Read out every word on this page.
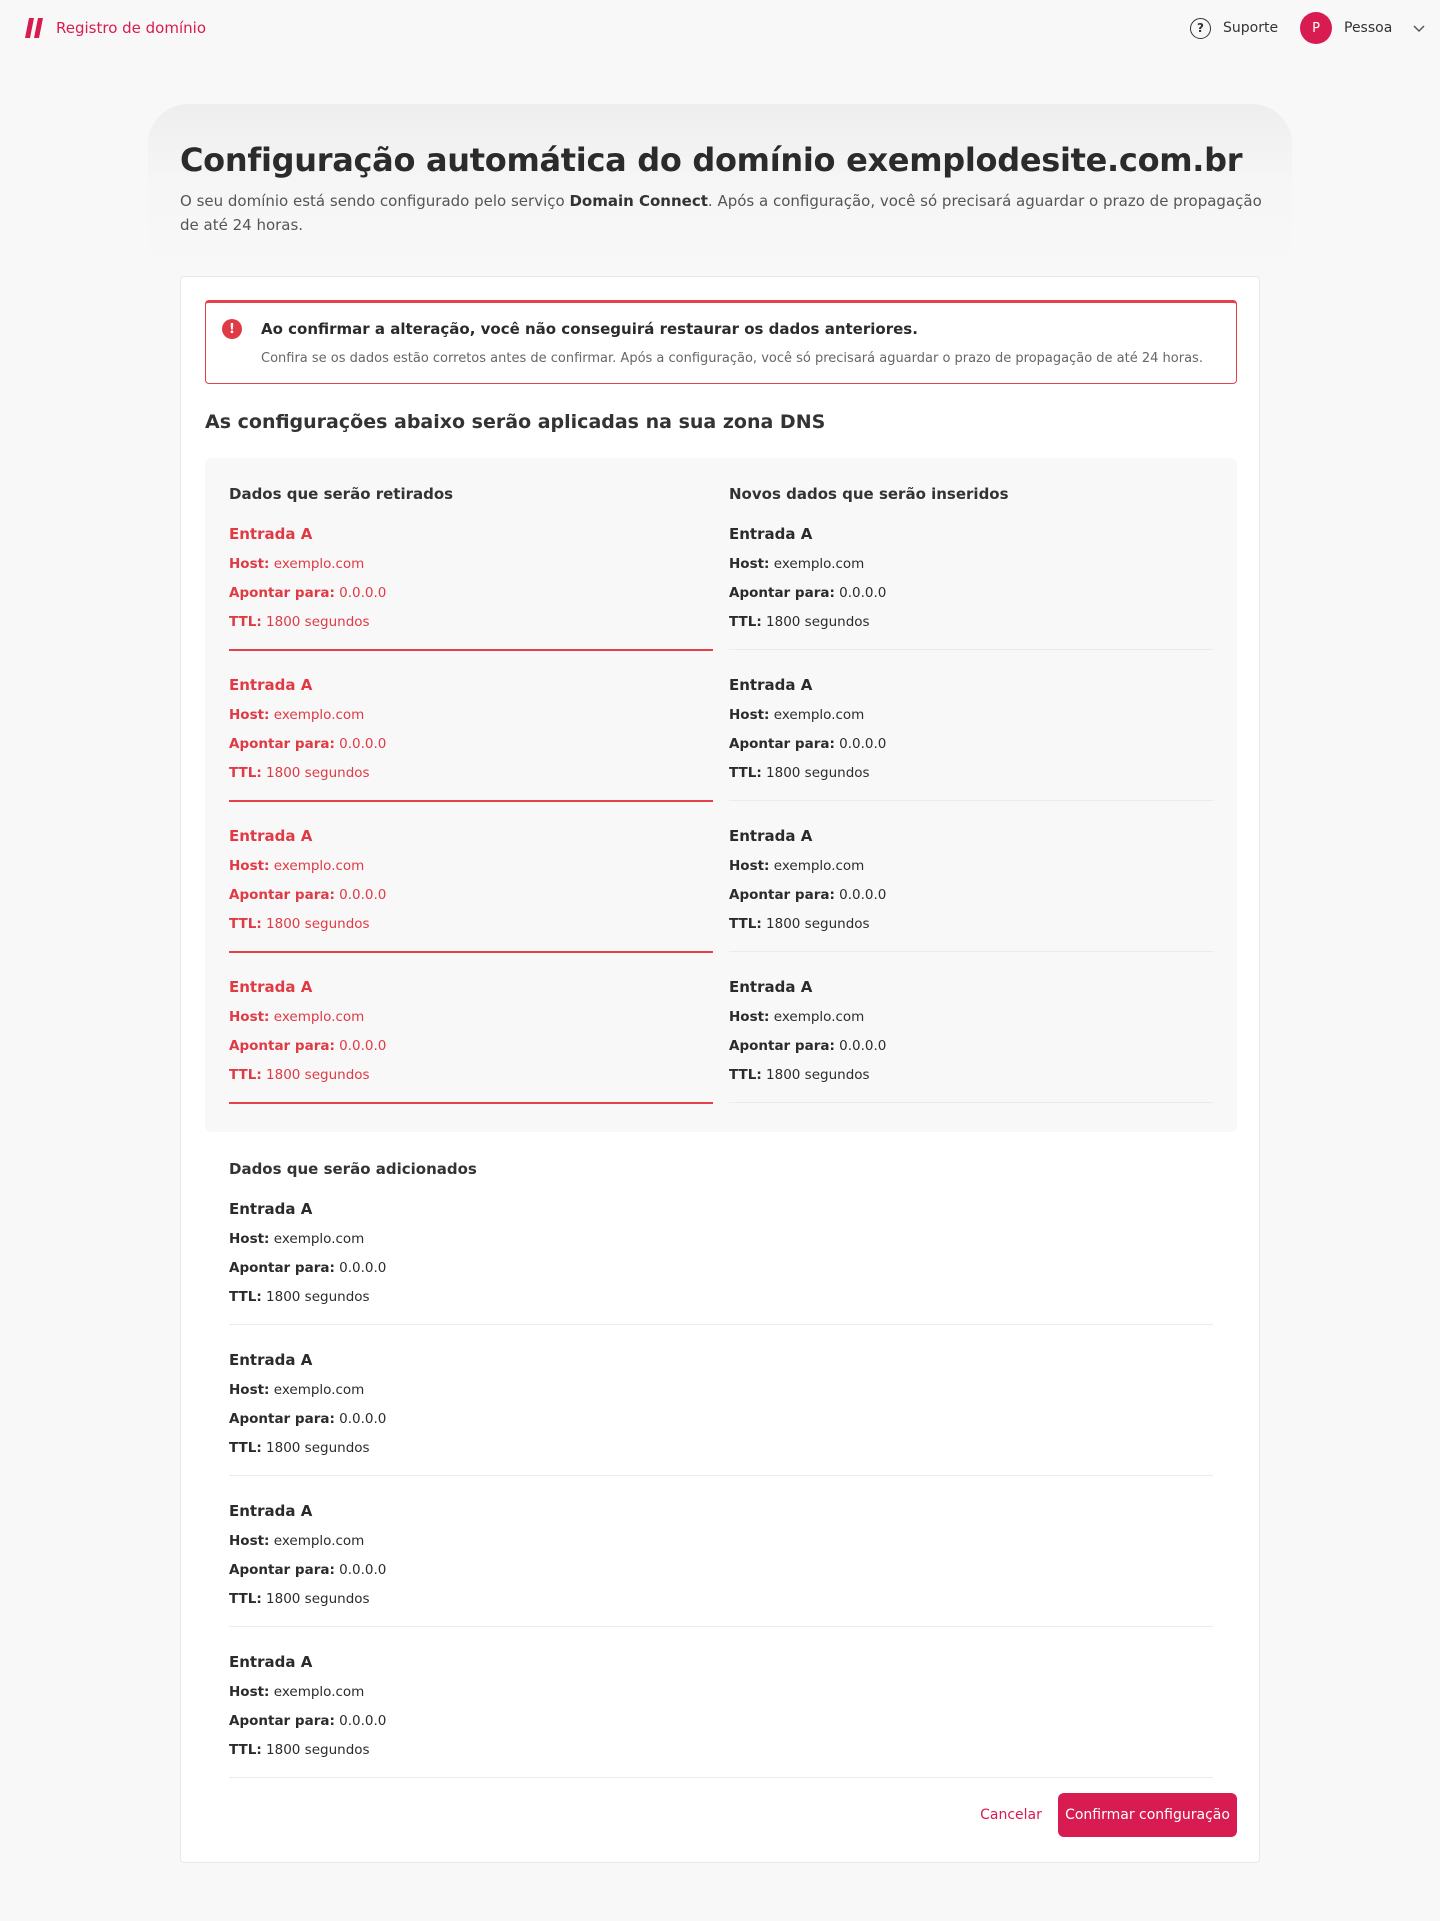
Registro de domínio	?	Suporte	P	Pessoa
Configuração automática do domínio exemplodesite.com.br

O seu domínio está sendo configurado pelo serviço Domain Connect. Após a configuração, você só precisará aguardar o prazo de propagação de até 24 horas.

!	Ao confirmar a alteração, você não conseguirá restaurar os dados anteriores.
Confira se os dados estão corretos antes de confirmar. Após a configuração, você só precisará aguardar o prazo de propagação de até 24 horas.
As configurações abaixo serão aplicadas na sua zona DNS
Dados que serão retirados
Entrada A
Host: exemplo.com
Apontar para: 0.0.0.0
TTL: 1800 segundos
Entrada A
Host: exemplo.com
Apontar para: 0.0.0.0
TTL: 1800 segundos
Entrada A
Host: exemplo.com
Apontar para: 0.0.0.0
TTL: 1800 segundos
Entrada A
Host: exemplo.com
Apontar para: 0.0.0.0
TTL: 1800 segundos
Novos dados que serão inseridos
Entrada A
Host: exemplo.com
Apontar para: 0.0.0.0
TTL: 1800 segundos
Entrada A
Host: exemplo.com
Apontar para: 0.0.0.0
TTL: 1800 segundos
Entrada A
Host: exemplo.com
Apontar para: 0.0.0.0
TTL: 1800 segundos
Entrada A
Host: exemplo.com
Apontar para: 0.0.0.0
TTL: 1800 segundos
Dados que serão adicionados
Entrada A
Host: exemplo.com
Apontar para: 0.0.0.0
TTL: 1800 segundos
Entrada A
Host: exemplo.com
Apontar para: 0.0.0.0
TTL: 1800 segundos
Entrada A
Host: exemplo.com
Apontar para: 0.0.0.0
TTL: 1800 segundos
Entrada A
Host: exemplo.com
Apontar para: 0.0.0.0
TTL: 1800 segundos
Cancelar	Confirmar configuração
